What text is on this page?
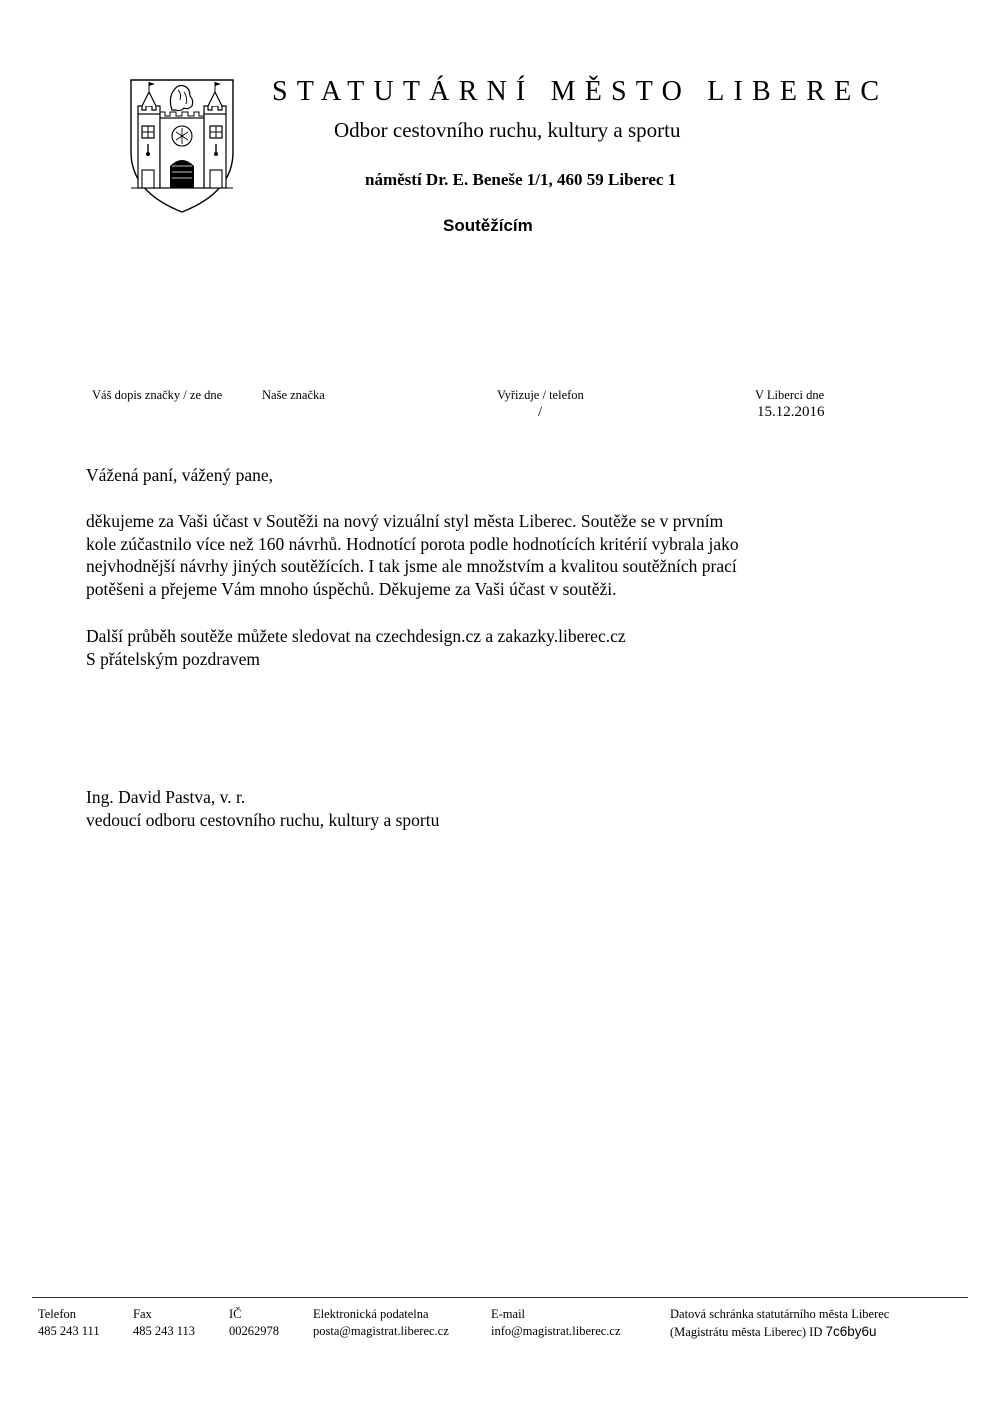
STATUTÁRNÍ MĚSTO LIBEREC
Odbor cestovního ruchu, kultury a sportu
náměstí Dr. E. Beneše 1/1, 460 59 Liberec 1
Soutěžícím
Váš dopis značky / ze dne	Naše značka	Vyřizuje / telefon
/
V Liberci dne
15.12.2016
Vážená paní, vážený pane,
děkujeme za Vaši účast v Soutěži na nový vizuální styl města Liberec. Soutěže se v prvním
kole zúčastnilo více než 160 návrhů. Hodnotící porota podle hodnotících kritérií vybrala jako
nejvhodnější návrhy jiných soutěžících. I tak jsme ale množstvím a kvalitou soutěžních prací
potěšeni a přejeme Vám mnoho úspěchů. Děkujeme za Vaši účast v soutěži.
Další průběh soutěže můžete sledovat na czechdesign.cz a zakazky.liberec.cz
S přátelským pozdravem
Ing. David Pastva, v. r.
vedoucí odboru cestovního ruchu, kultury a sportu
Telefon
485 243 111
Fax
485 243 113
IČ
00262978
Elektronická podatelna
posta@magistrat.liberec.cz
E-mail
info@magistrat.liberec.cz
Datová schránka statutárního města Liberec
(Magistrátu města Liberec) ID 7c6by6u
